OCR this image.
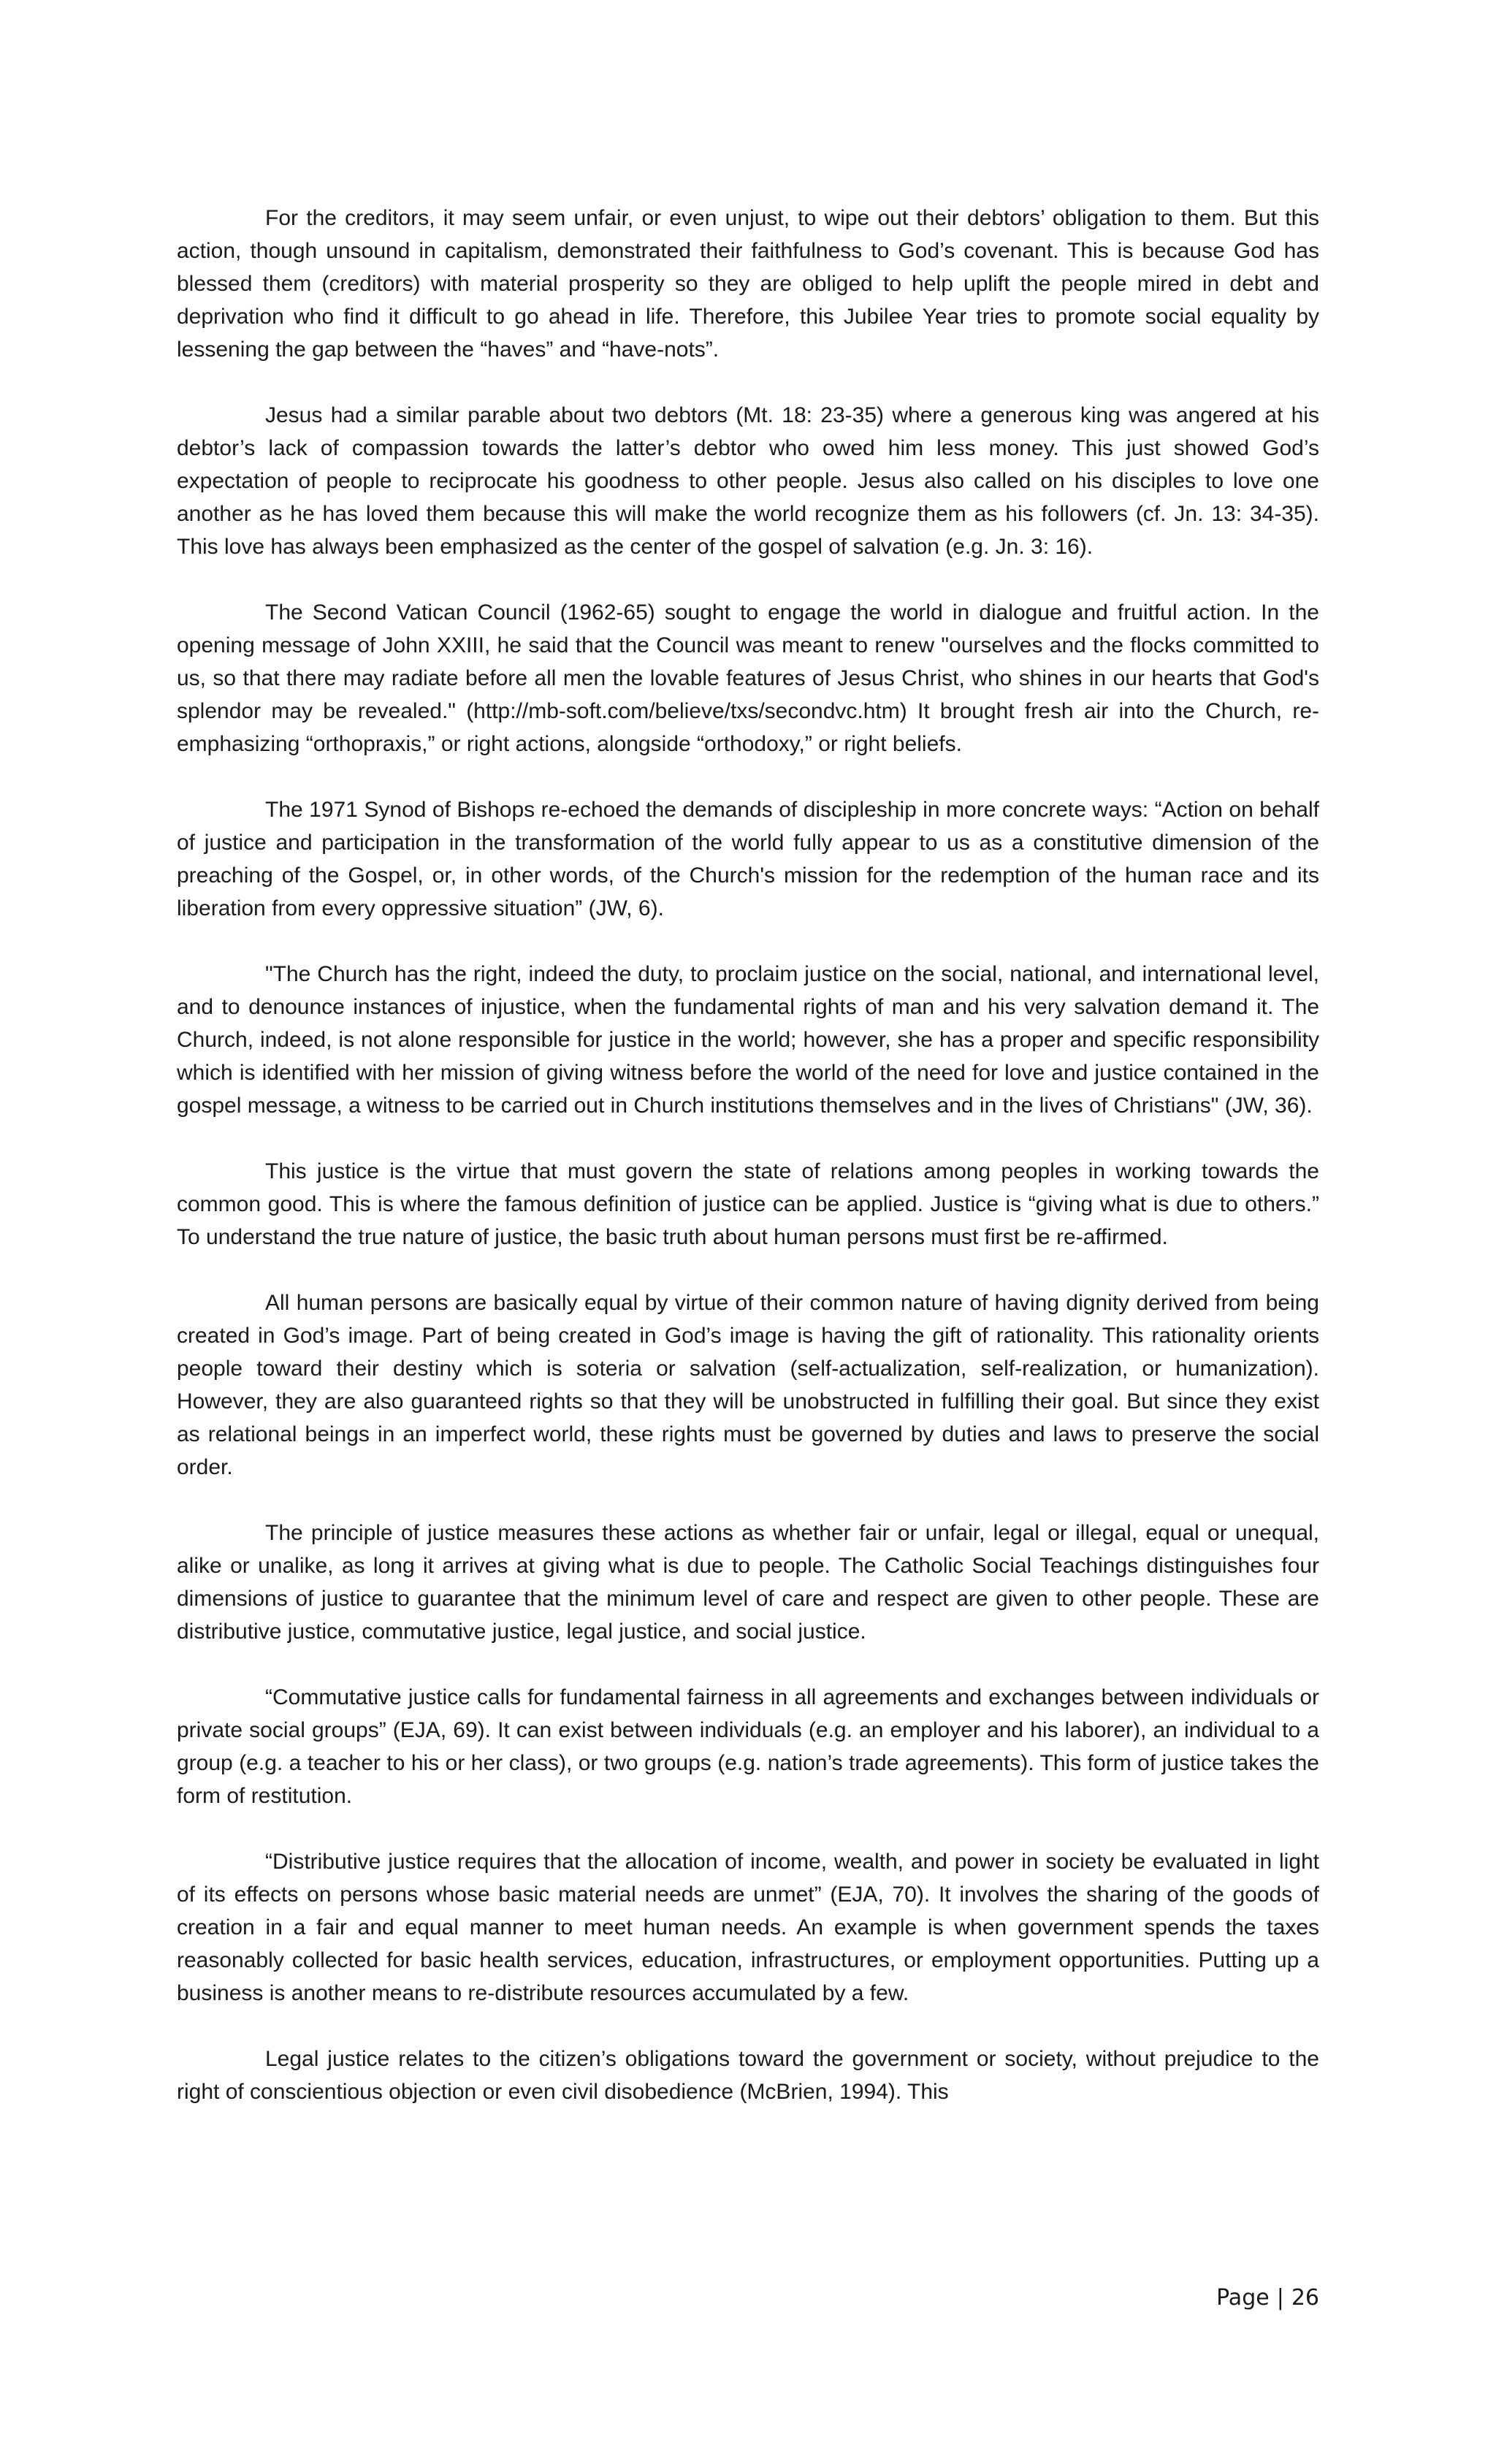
For the creditors, it may seem unfair, or even unjust, to wipe out their debtors’ obligation to them. But this action, though unsound in capitalism, demonstrated their faithfulness to God’s covenant. This is because God has blessed them (creditors) with material prosperity so they are obliged to help uplift the people mired in debt and deprivation who find it difficult to go ahead in life. Therefore, this Jubilee Year tries to promote social equality by lessening the gap between the “haves” and “have-nots”.

Jesus had a similar parable about two debtors (Mt. 18: 23-35) where a generous king was angered at his debtor’s lack of compassion towards the latter’s debtor who owed him less money. This just showed God’s expectation of people to reciprocate his goodness to other people. Jesus also called on his disciples to love one another as he has loved them because this will make the world recognize them as his followers (cf. Jn. 13: 34-35). This love has always been emphasized as the center of the gospel of salvation (e.g. Jn. 3: 16).

The Second Vatican Council (1962-65) sought to engage the world in dialogue and fruitful action. In the opening message of John XXIII, he said that the Council was meant to renew "ourselves and the flocks committed to us, so that there may radiate before all men the lovable features of Jesus Christ, who shines in our hearts that God's splendor may be revealed." (http://mb-soft.com/believe/txs/secondvc.htm) It brought fresh air into the Church, re-emphasizing “orthopraxis,” or right actions, alongside “orthodoxy,” or right beliefs.

The 1971 Synod of Bishops re-echoed the demands of discipleship in more concrete ways: “Action on behalf of justice and participation in the transformation of the world fully appear to us as a constitutive dimension of the preaching of the Gospel, or, in other words, of the Church's mission for the redemption of the human race and its liberation from every oppressive situation” (JW, 6).

"The Church has the right, indeed the duty, to proclaim justice on the social, national, and international level, and to denounce instances of injustice, when the fundamental rights of man and his very salvation demand it. The Church, indeed, is not alone responsible for justice in the world; however, she has a proper and specific responsibility which is identified with her mission of giving witness before the world of the need for love and justice contained in the gospel message, a witness to be carried out in Church institutions themselves and in the lives of Christians" (JW, 36).

This justice is the virtue that must govern the state of relations among peoples in working towards the common good. This is where the famous definition of justice can be applied. Justice is “giving what is due to others.” To understand the true nature of justice, the basic truth about human persons must first be re-affirmed.

All human persons are basically equal by virtue of their common nature of having dignity derived from being created in God’s image. Part of being created in God’s image is having the gift of rationality. This rationality orients people toward their destiny which is soteria or salvation (self-actualization, self-realization, or humanization). However, they are also guaranteed rights so that they will be unobstructed in fulfilling their goal. But since they exist as relational beings in an imperfect world, these rights must be governed by duties and laws to preserve the social order.

The principle of justice measures these actions as whether fair or unfair, legal or illegal, equal or unequal, alike or unalike, as long it arrives at giving what is due to people. The Catholic Social Teachings distinguishes four dimensions of justice to guarantee that the minimum level of care and respect are given to other people. These are distributive justice, commutative justice, legal justice, and social justice.

“Commutative justice calls for fundamental fairness in all agreements and exchanges between individuals or private social groups” (EJA, 69). It can exist between individuals (e.g. an employer and his laborer), an individual to a group (e.g. a teacher to his or her class), or two groups (e.g. nation’s trade agreements). This form of justice takes the form of restitution.

“Distributive justice requires that the allocation of income, wealth, and power in society be evaluated in light of its effects on persons whose basic material needs are unmet” (EJA, 70). It involves the sharing of the goods of creation in a fair and equal manner to meet human needs. An example is when government spends the taxes reasonably collected for basic health services, education, infrastructures, or employment opportunities. Putting up a business is another means to re-distribute resources accumulated by a few.

Legal justice relates to the citizen’s obligations toward the government or society, without prejudice to the right of conscientious objection or even civil disobedience (McBrien, 1994). This

Page | 26
